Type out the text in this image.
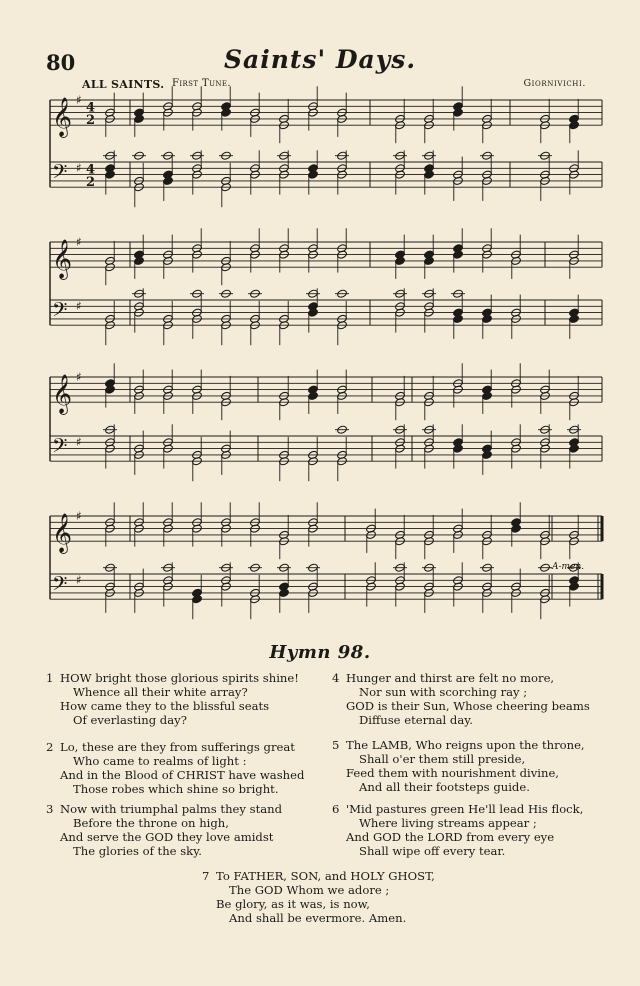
80	Saints' Days.
ALL SAINTS. First Tune.	Giornivichi.
𝄞
𝄢
♯
♯
4
2
4
2
𝄞
𝄢
♯
♯
𝄞
𝄢
♯
♯
𝄞
𝄢
♯
♯
A-men.
Hymn 98.
1 HOW bright those glorious spirits shine!
Whence all their white array?
How came they to the blissful seats
Of everlasting day?
2 Lo, these are they from sufferings great
Who came to realms of light :
And in the Blood of CHRIST have washed
Those robes which shine so bright.
3 Now with triumphal palms they stand
Before the throne on high,
And serve the GOD they love amidst
The glories of the sky.
4 Hunger and thirst are felt no more,
Nor sun with scorching ray ;
GOD is their Sun, Whose cheering beams
Diffuse eternal day.
5 The LAMB, Who reigns upon the throne,
Shall o'er them still preside,
Feed them with nourishment divine,
And all their footsteps guide.
6 'Mid pastures green He'll lead His flock,
Where living streams appear ;
And GOD the LORD from every eye
Shall wipe off every tear.
7 To FATHER, SON, and HOLY GHOST,
The GOD Whom we adore ;
Be glory, as it was, is now,
And shall be evermore. Amen.
